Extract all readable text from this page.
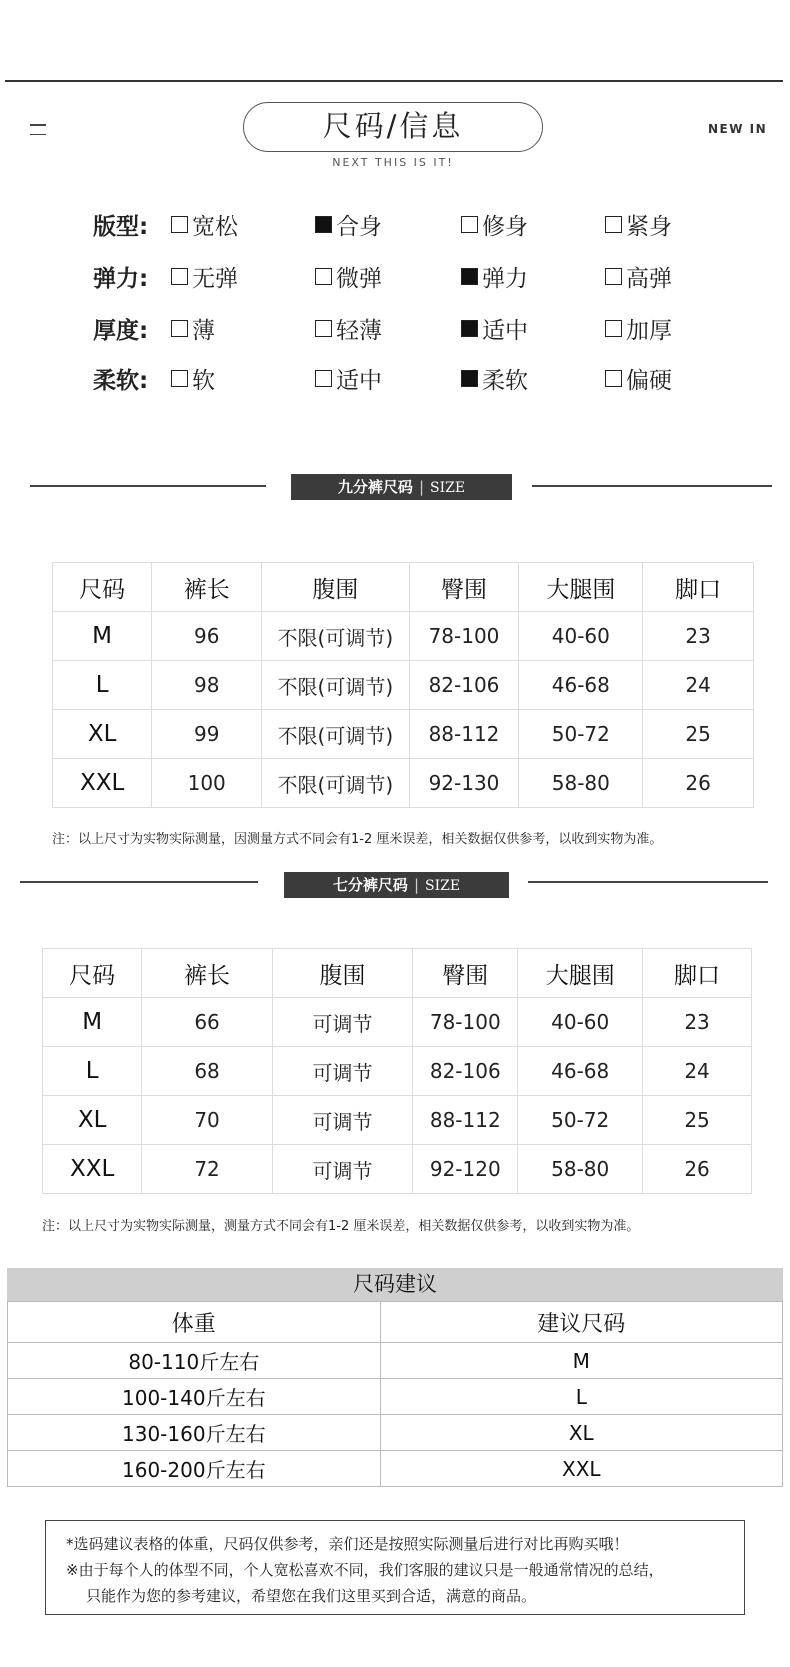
尺码/信息
NEXT THIS IS IT!
NEW IN
版型: 宽松	合身	修身	紧身
弹力: 无弹	微弹	弹力	高弹
厚度: 薄	轻薄	适中	加厚
柔软: 软	适中	柔软	偏硬
九分裤尺码 | SIZE
尺码	裤长	腹围	臀围	大腿围	脚口
M	96	不限(可调节)	78-100	40-60	23
L	98	不限(可调节)	82-106	46-68	24
XL	99	不限(可调节)	88-112	50-72	25
XXL	100	不限(可调节)	92-130	58-80	26
注：以上尺寸为实物实际测量，因测量方式不同会有1-2 厘米误差，相关数据仅供参考，以收到实物为准。
七分裤尺码 | SIZE
尺码	裤长	腹围	臀围	大腿围	脚口
M	66	可调节	78-100	40-60	23
L	68	可调节	82-106	46-68	24
XL	70	可调节	88-112	50-72	25
XXL	72	可调节	92-120	58-80	26
注：以上尺寸为实物实际测量，测量方式不同会有1-2 厘米误差，相关数据仅供参考，以收到实物为准。
尺码建议
体重	建议尺码
80-110斤左右	M
100-140斤左右	L
130-160斤左右	XL
160-200斤左右	XXL
*选码建议表格的体重，尺码仅供参考，亲们还是按照实际测量后进行对比再购买哦！
※由于每个人的体型不同，个人宽松喜欢不同，我们客服的建议只是一般通常情况的总结，
只能作为您的参考建议，希望您在我们这里买到合适，满意的商品。
